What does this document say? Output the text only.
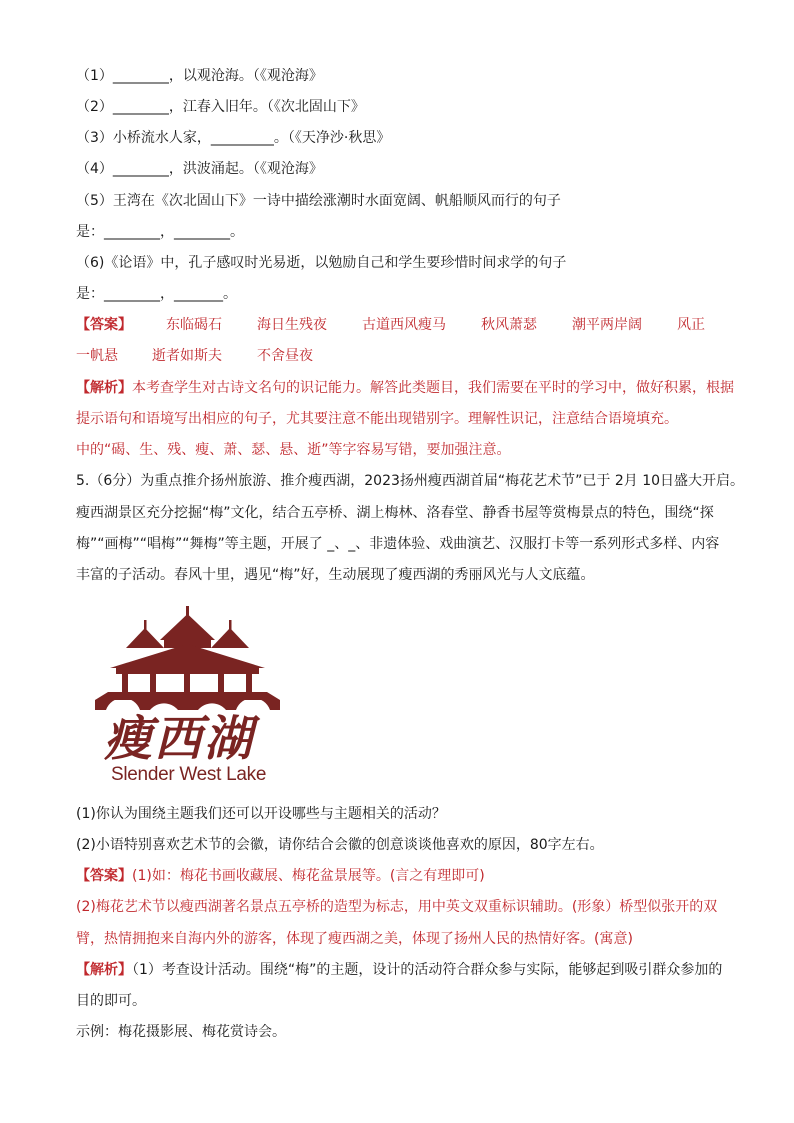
（1）________，以观沧海。（《观沧海》
（2）________，江春入旧年。（《次北固山下》
（3）小桥流水人家，_________。（《天净沙·秋思》
（4）________，洪波涌起。（《观沧海》
（5）王湾在《次北固山下》一诗中描绘涨潮时水面宽阔、帆船顺风而行的句子
是：________，________。
（6)《论语》中，孔子感叹时光易逝，以勉励自己和学生要珍惜时间求学的句子
是：________，_______。
【答案】 东临碣石	海日生残夜	古道西风瘦马	秋风萧瑟	潮平两岸阔	风正
一帆悬 逝者如斯夫	不舍昼夜
【解析】本考查学生对古诗文名句的识记能力。解答此类题目，我们需要在平时的学习中，做好积累，根据
提示语句和语境写出相应的句子，尤其要注意不能出现错别字。理解性识记，注意结合语境填充。
中的“碣、生、残、瘦、萧、瑟、悬、逝”等字容易写错，要加强注意。
5.（6分）为重点推介扬州旅游、推介瘦西湖，2023扬州瘦西湖首届“梅花艺术节”已于 2月 10日盛大开启。
瘦西湖景区充分挖掘“梅”文化，结合五亭桥、湖上梅林、洛春堂、静香书屋等赏梅景点的特色，围绕“探
梅”“画梅”“唱梅”“舞梅”等主题，开展了 _、_、非遗体验、戏曲演艺、汉服打卡等一系列形式多样、内容
丰富的子活动。春风十里，遇见“梅”好，生动展现了瘦西湖的秀丽风光与人文底蕴。
瘦西湖
Slender West Lake
(1)你认为围绕主题我们还可以开设哪些与主题相关的活动？
(2)小语特别喜欢艺术节的会徽，请你结合会徽的创意谈谈他喜欢的原因，80字左右。
【答案】(1)如：梅花书画收藏展、梅花盆景展等。(言之有理即可)
(2)梅花艺术节以瘦西湖著名景点五亭桥的造型为标志，用中英文双重标识辅助。(形象）桥型似张开的双
臂，热情拥抱来自海内外的游客，体现了瘦西湖之美，体现了扬州人民的热情好客。(寓意)
【解析】（1）考查设计活动。围绕“梅”的主题，设计的活动符合群众参与实际，能够起到吸引群众参加的
目的即可。
示例：梅花摄影展、梅花赏诗会。
